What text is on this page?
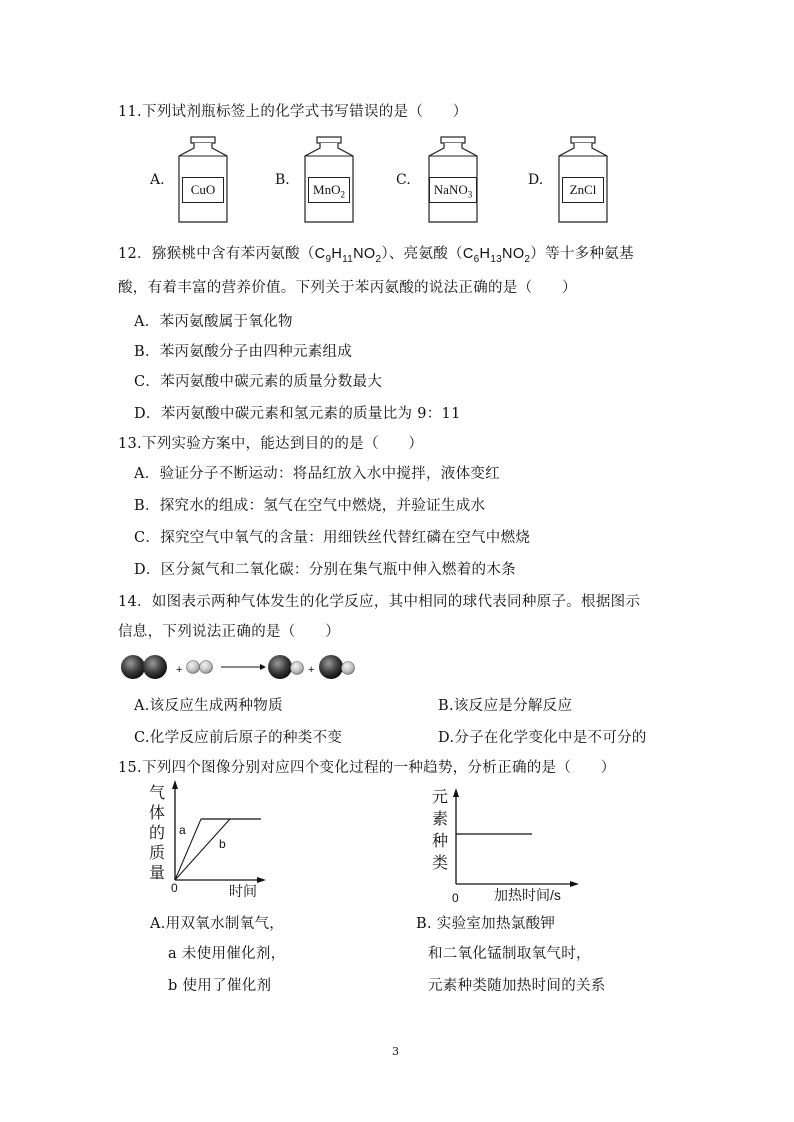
11.下列试剂瓶标签上的化学式书写错误的是（　　）
A.
CuO
B.
MnO$_2$
C.
NaNO$_3$
D.
ZnCl
12．猕猴桃中含有苯丙氨酸$(C_9H_{11}NO_2)$、亮氨酸$(C_6H_{13}NO_2)$等十多种氨基
酸，有着丰富的营养价值。下列关于苯丙氨酸的说法正确的是（　　）
A．苯丙氨酸属于氧化物
B．苯丙氨酸分子由四种元素组成
C．苯丙氨酸中碳元素的质量分数最大
D．苯丙氨酸中碳元素和氢元素的质量比为 9：11
13.下列实验方案中，能达到目的的是（　　）
A．验证分子不断运动：将品红放入水中搅拌，液体变红
B．探究水的组成：氢气在空气中燃烧，并验证生成水
C．探究空气中氧气的含量：用细铁丝代替红磷在空气中燃烧
D．区分氮气和二氧化碳：分别在集气瓶中伸入燃着的木条
14．如图表示两种气体发生的化学反应，其中相同的球代表同种原子。根据图示
信息，下列说法正确的是（　　）
+	+
A.该反应生成两种物质	B.该反应是分解反应
C.化学反应前后原子的种类不变	D.分子在化学变化中是不可分的
15.下列四个图像分别对应四个变化过程的一种趋势，分析正确的是（　　）
气
体
的
质
量
a
b
0	时间
元
素
种
类
0	加热时间/s
A.用双氧水制氧气，
a 未使用催化剂，
b 使用了催化剂
B. 实验室加热氯酸钾
和二氧化锰制取氧气时，
元素种类随加热时间的关系
3
